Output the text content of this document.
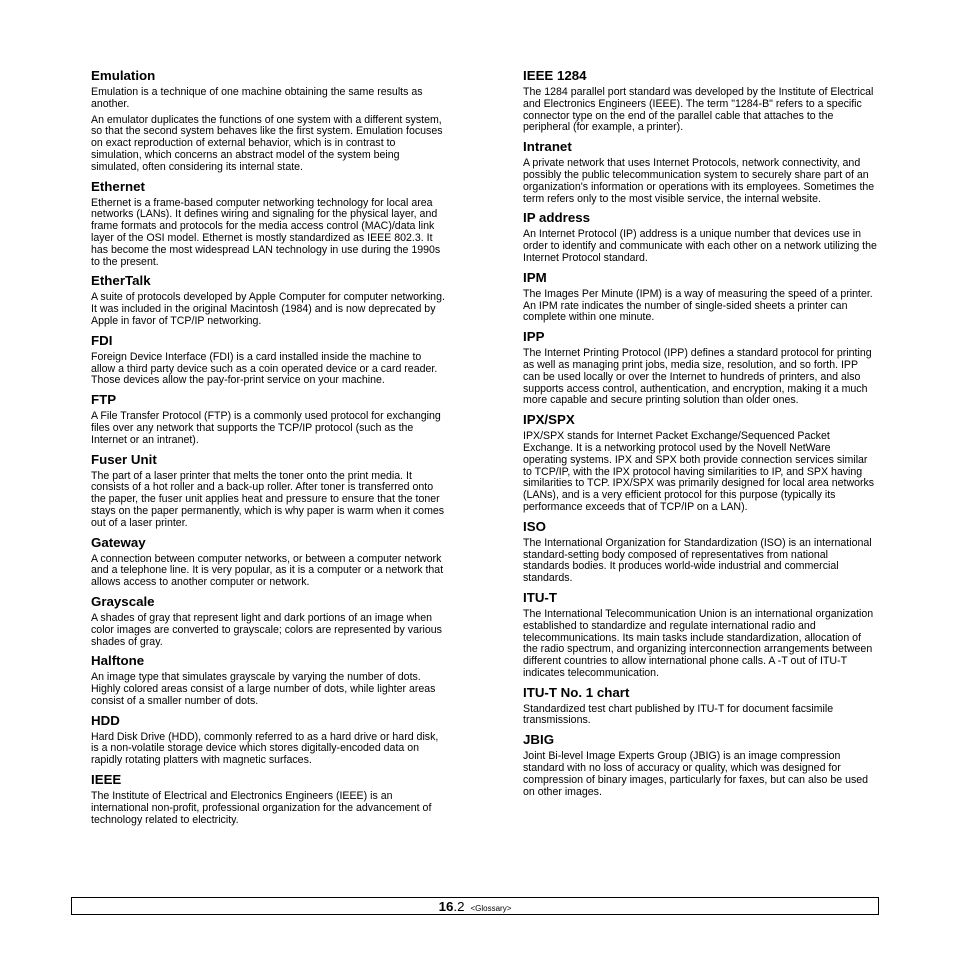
Emulation

Emulation is a technique of one machine obtaining the same results as another.

An emulator duplicates the functions of one system with a different system, so that the second system behaves like the first system. Emulation focuses on exact reproduction of external behavior, which is in contrast to simulation, which concerns an abstract model of the system being simulated, often considering its internal state.

Ethernet

Ethernet is a frame-based computer networking technology for local area networks (LANs). It defines wiring and signaling for the physical layer, and frame formats and protocols for the media access control (MAC)/data link layer of the OSI model. Ethernet is mostly standardized as IEEE 802.3. It has become the most widespread LAN technology in use during the 1990s to the present.

EtherTalk

A suite of protocols developed by Apple Computer for computer networking. It was included in the original Macintosh (1984) and is now deprecated by Apple in favor of TCP/IP networking.

FDI

Foreign Device Interface (FDI) is a card installed inside the machine to allow a third party device such as a coin operated device or a card reader. Those devices allow the pay-for-print service on your machine.

FTP

A File Transfer Protocol (FTP) is a commonly used protocol for exchanging files over any network that supports the TCP/IP protocol (such as the Internet or an intranet).

Fuser Unit

The part of a laser printer that melts the toner onto the print media. It consists of a hot roller and a back-up roller. After toner is transferred onto the paper, the fuser unit applies heat and pressure to ensure that the toner stays on the paper permanently, which is why paper is warm when it comes out of a laser printer.

Gateway

A connection between computer networks, or between a computer network and a telephone line. It is very popular, as it is a computer or a network that allows access to another computer or network.

Grayscale

A shades of gray that represent light and dark portions of an image when color images are converted to grayscale; colors are represented by various shades of gray.

Halftone

An image type that simulates grayscale by varying the number of dots. Highly colored areas consist of a large number of dots, while lighter areas consist of a smaller number of dots.

HDD

Hard Disk Drive (HDD), commonly referred to as a hard drive or hard disk, is a non-volatile storage device which stores digitally-encoded data on rapidly rotating platters with magnetic surfaces.

IEEE

The Institute of Electrical and Electronics Engineers (IEEE) is an international non-profit, professional organization for the advancement of technology related to electricity.

IEEE 1284

The 1284 parallel port standard was developed by the Institute of Electrical and Electronics Engineers (IEEE). The term "1284-B" refers to a specific connector type on the end of the parallel cable that attaches to the peripheral (for example, a printer).

Intranet

A private network that uses Internet Protocols, network connectivity, and possibly the public telecommunication system to securely share part of an organization's information or operations with its employees. Sometimes the term refers only to the most visible service, the internal website.

IP address

An Internet Protocol (IP) address is a unique number that devices use in order to identify and communicate with each other on a network utilizing the Internet Protocol standard.

IPM

The Images Per Minute (IPM) is a way of measuring the speed of a printer. An IPM rate indicates the number of single-sided sheets a printer can complete within one minute.

IPP

The Internet Printing Protocol (IPP) defines a standard protocol for printing as well as managing print jobs, media size, resolution, and so forth. IPP can be used locally or over the Internet to hundreds of printers, and also supports access control, authentication, and encryption, making it a much more capable and secure printing solution than older ones.

IPX/SPX

IPX/SPX stands for Internet Packet Exchange/Sequenced Packet Exchange. It is a networking protocol used by the Novell NetWare operating systems. IPX and SPX both provide connection services similar to TCP/IP, with the IPX protocol having similarities to IP, and SPX having similarities to TCP. IPX/SPX was primarily designed for local area networks (LANs), and is a very efficient protocol for this purpose (typically its performance exceeds that of TCP/IP on a LAN).

ISO

The International Organization for Standardization (ISO) is an international standard-setting body composed of representatives from national standards bodies. It produces world-wide industrial and commercial standards.

ITU-T

The International Telecommunication Union is an international organization established to standardize and regulate international radio and telecommunications. Its main tasks include standardization, allocation of the radio spectrum, and organizing interconnection arrangements between different countries to allow international phone calls. A -T out of ITU-T indicates telecommunication.

ITU-T No. 1 chart

Standardized test chart published by ITU-T for document facsimile transmissions.

JBIG

Joint Bi-level Image Experts Group (JBIG) is an image compression standard with no loss of accuracy or quality, which was designed for compression of binary images, particularly for faxes, but can also be used on other images.

16.2 <Glossary>
